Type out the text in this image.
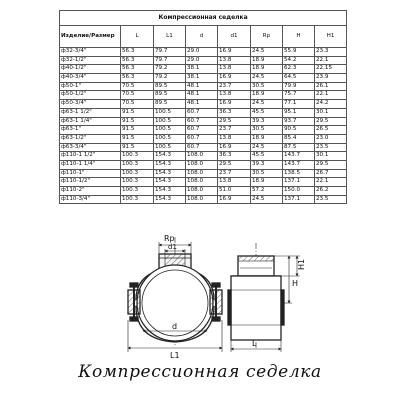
Компрессионная седелка							
Изделие/Размер	L	L1	d	d1	Rp	H	H1
ф32-3/4"	56.3	79.7	29.0	16.9	24.5	55.9	23.3
ф32-1/2"	56.3	79.7	29.0	13.8	18.9	54.2	22.1
ф40-1/2"	56.3	79.2	38.1	13.8	18.9	62.3	22.15
ф40-3/4"	56.3	79.2	38.1	16.9	24.5	64.5	23.9
ф50-1"	70.5	89.5	48.1	23.7	30.5	79.9	26.1
ф50-1/2"	70.5	89.5	48.1	13.8	18.9	75.7	22.1
ф50-3/4"	70.5	89.5	48.1	16.9	24.5	77.1	24.2
ф63-1 1/2"	91.5	100.5	60.7	36.3	45.5	95.1	30.1
ф63-1 1/4"	91.5	100.5	60.7	29.5	39.3	93.7	29.5
ф63-1"	91.5	100.5	60.7	23.7	30.5	90.5	26.5
ф63-1/2"	91.5	100.5	60.7	13.8	18.9	85.4	23.0
ф63-3/4"	91.5	100.5	60.7	16.9	24.5	87.5	23.5
ф110-1 1/2"	100.3	154.3	108.0	36.3	45.5	143.7	30.1
ф110-1 1/4"	100.3	154.3	108.0	29.5	39.3	143.7	29.5
ф110-1"	100.3	154.3	108.0	23.7	30.5	138.5	26.7
ф110-1/2"	100.3	154.3	108.0	13.8	18.9	137.1	22.1
ф110-2"	100.3	154.3	108.0	51.0	57.2	150.0	26.2
ф110-3/4"	100.3	154.3	108.0	16.9	24.5	137.1	23.5
Rp
d1
d
L1
H1
H
L
Компрессионная седелка
